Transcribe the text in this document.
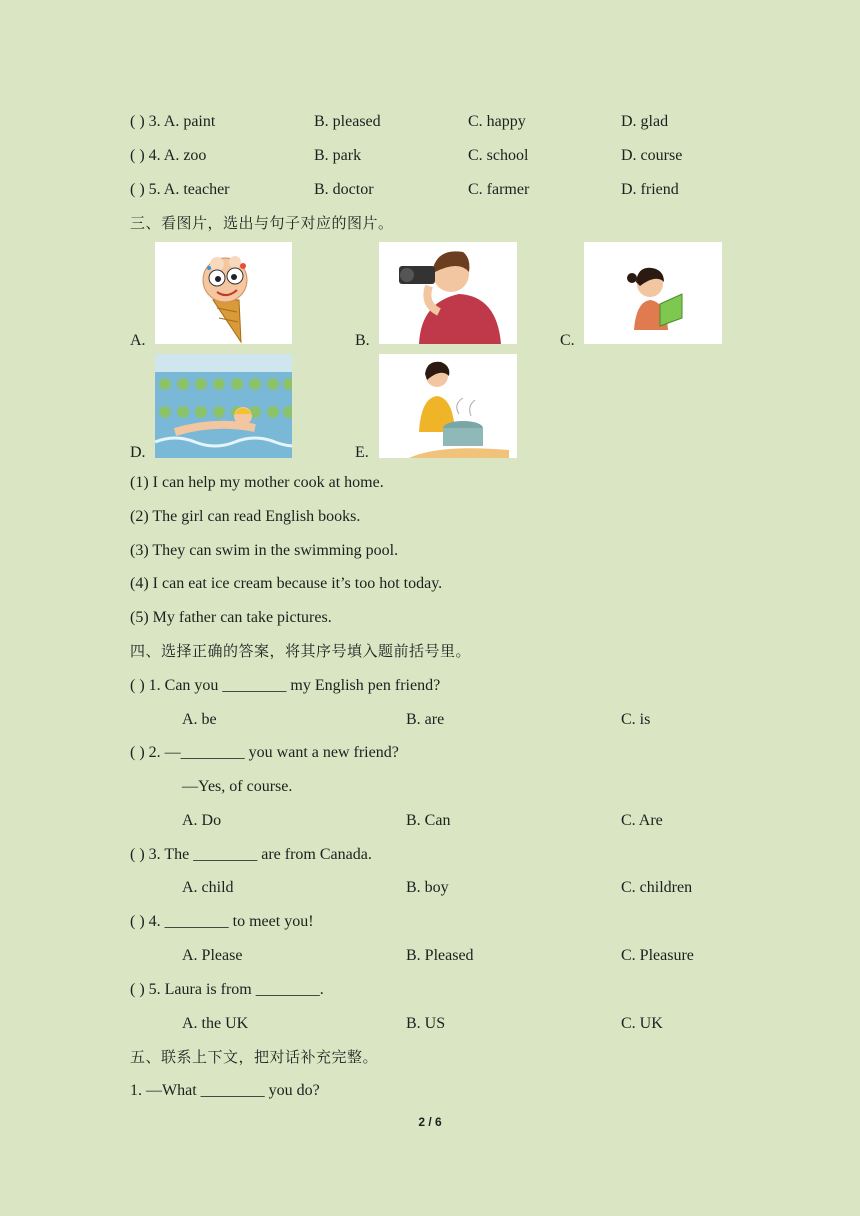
( ) 3. A. paint	B. pleased	C. happy	D. glad
( ) 4. A. zoo	B. park	C. school	D. course
( ) 5. A. teacher	B. doctor	C. farmer	D. friend
三、看图片，选出与句子对应的图片。
A.	B.	C.
D.	E.
(1) I can help my mother cook at home.
(2) The girl can read English books.
(3) They can swim in the swimming pool.
(4) I can eat ice cream because it’s too hot today.
(5) My father can take pictures.
四、选择正确的答案，将其序号填入题前括号里。
( ) 1. Can you ________ my English pen friend?
A. be	B. are	C. is
( ) 2. —________ you want a new friend?
—Yes, of course.
A. Do	B. Can	C. Are
( ) 3. The ________ are from Canada.
A. child	B. boy	C. children
( ) 4. ________ to meet you!
A. Please	B. Pleased	C. Pleasure
( ) 5. Laura is from ________.
A. the UK	B. US	C. UK
五、联系上下文，把对话补充完整。
1. —What ________ you do?
2 / 6
